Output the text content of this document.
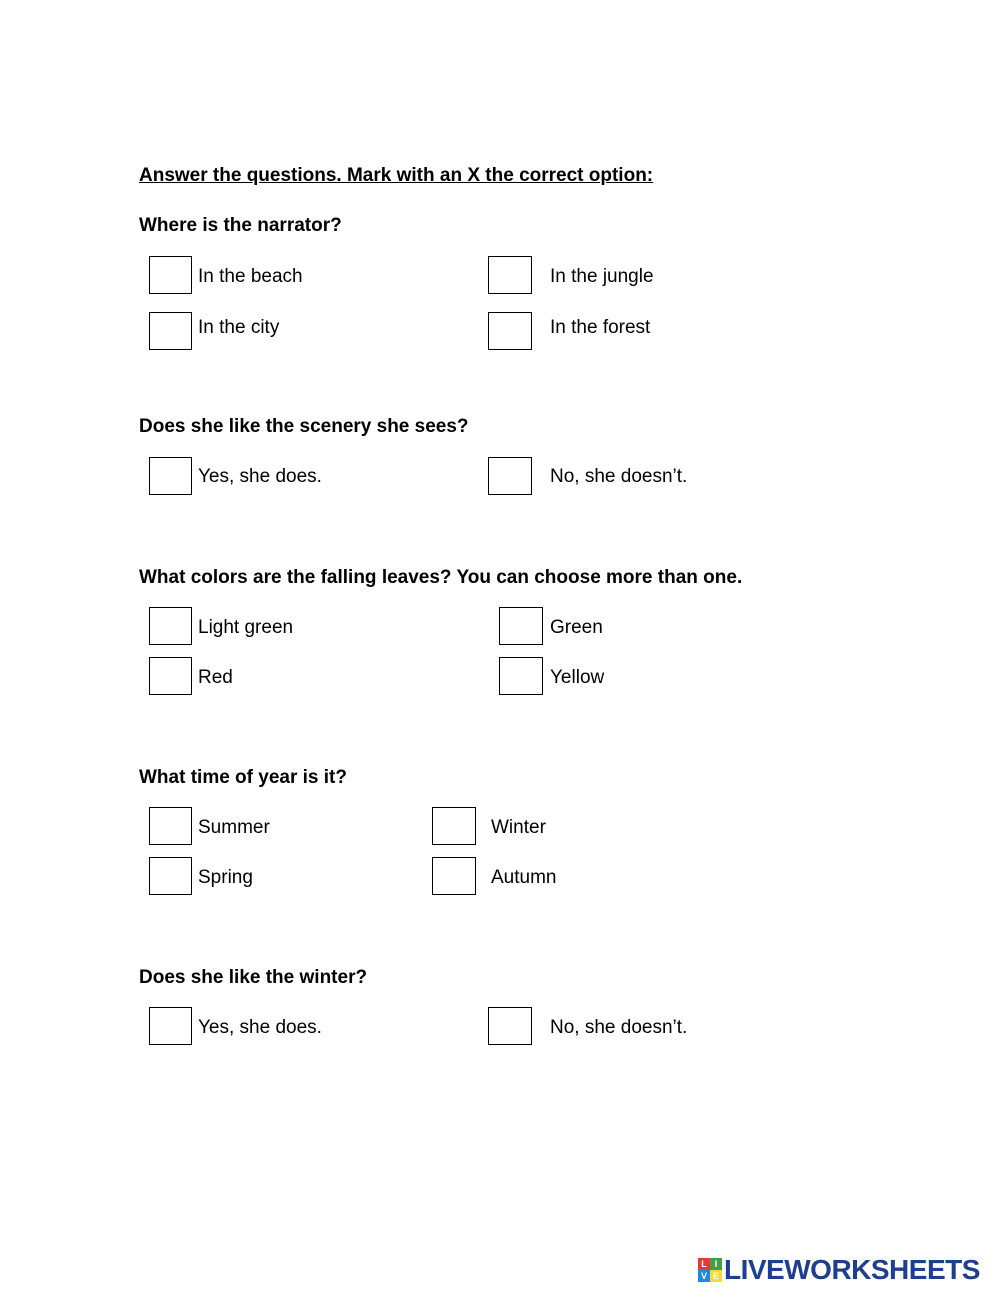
Answer the questions. Mark with an X the correct option:
Where is the narrator?
In the beach	In the jungle
In the city	In the forest
Does she like the scenery she sees?
Yes, she does.	No, she doesn’t.
What colors are the falling leaves? You can choose more than one.
Light green	Green
Red	Yellow
What time of year is it?
Summer	Winter
Spring	Autumn
Does she like the winter?
Yes, she does.	No, she doesn’t.
L I
V E LIVEWORKSHEETS
